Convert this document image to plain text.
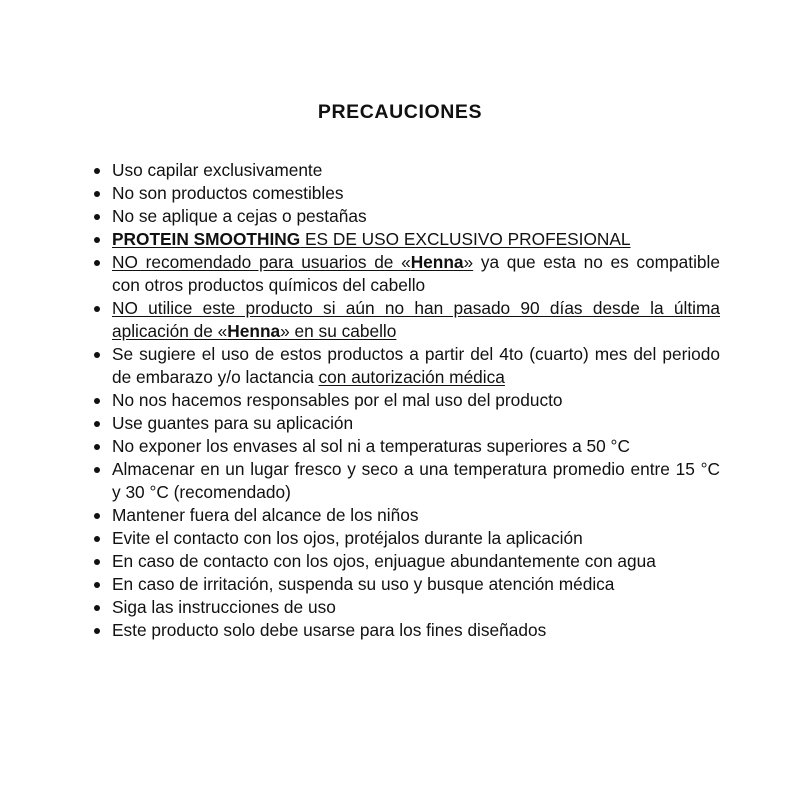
PRECAUCIONES
Uso capilar exclusivamente
No son productos comestibles
No se aplique a cejas o pestañas
PROTEIN SMOOTHING ES DE USO EXCLUSIVO PROFESIONAL
NO recomendado para usuarios de «Henna» ya que esta no es compatible con otros productos químicos del cabello
NO utilice este producto si aún no han pasado 90 días desde la última aplicación de «Henna» en su cabello
Se sugiere el uso de estos productos a partir del 4to (cuarto) mes del periodo de embarazo y/o lactancia con autorización médica
No nos hacemos responsables por el mal uso del producto
Use guantes para su aplicación
No exponer los envases al sol ni a temperaturas superiores a 50 °C
Almacenar en un lugar fresco y seco a una temperatura promedio entre 15 °C y 30 °C (recomendado)
Mantener fuera del alcance de los niños
Evite el contacto con los ojos, protéjalos durante la aplicación
En caso de contacto con los ojos, enjuague abundantemente con agua
En caso de irritación, suspenda su uso y busque atención médica
Siga las instrucciones de uso
Este producto solo debe usarse para los fines diseñados
